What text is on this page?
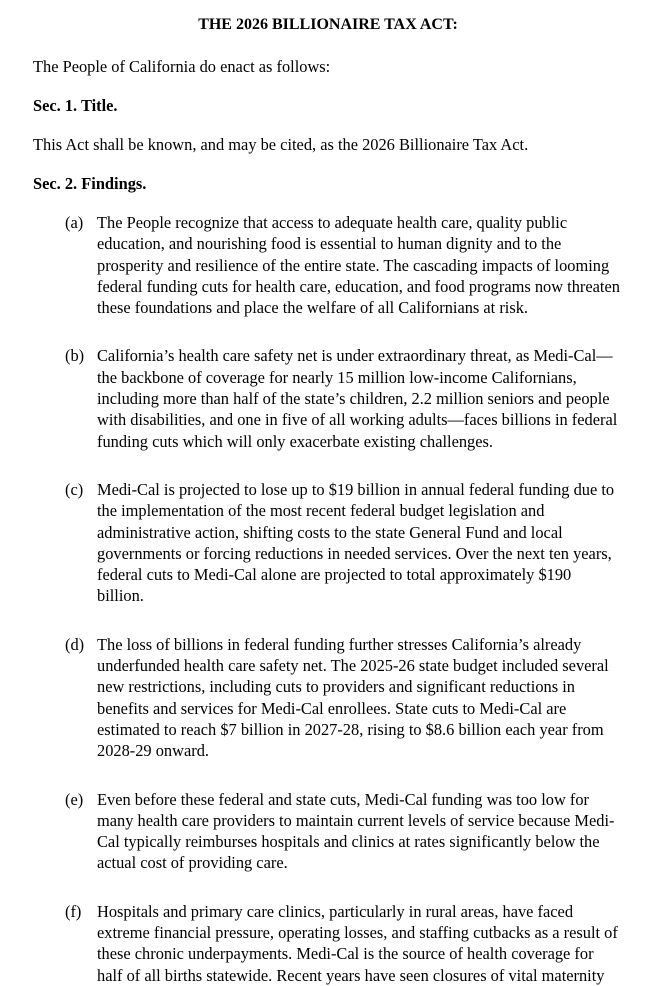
THE 2026 BILLIONAIRE TAX ACT:
The People of California do enact as follows:
Sec. 1. Title.
This Act shall be known, and may be cited, as the 2026 Billionaire Tax Act.
Sec. 2. Findings.
(a) The People recognize that access to adequate health care, quality public
education, and nourishing food is essential to human dignity and to the
prosperity and resilience of the entire state. The cascading impacts of looming
federal funding cuts for health care, education, and food programs now threaten
these foundations and place the welfare of all Californians at risk.
(b) California’s health care safety net is under extraordinary threat, as Medi-Cal—
the backbone of coverage for nearly 15 million low-income Californians,
including more than half of the state’s children, 2.2 million seniors and people
with disabilities, and one in five of all working adults—faces billions in federal
funding cuts which will only exacerbate existing challenges.
(c) Medi-Cal is projected to lose up to $19 billion in annual federal funding due to
the implementation of the most recent federal budget legislation and
administrative action, shifting costs to the state General Fund and local
governments or forcing reductions in needed services. Over the next ten years,
federal cuts to Medi-Cal alone are projected to total approximately $190
billion.
(d) The loss of billions in federal funding further stresses California’s already
underfunded health care safety net. The 2025-26 state budget included several
new restrictions, including cuts to providers and significant reductions in
benefits and services for Medi-Cal enrollees. State cuts to Medi-Cal are
estimated to reach $7 billion in 2027-28, rising to $8.6 billion each year from
2028-29 onward.
(e) Even before these federal and state cuts, Medi-Cal funding was too low for
many health care providers to maintain current levels of service because Medi-
Cal typically reimburses hospitals and clinics at rates significantly below the
actual cost of providing care.
(f) Hospitals and primary care clinics, particularly in rural areas, have faced
extreme financial pressure, operating losses, and staffing cutbacks as a result of
these chronic underpayments. Medi-Cal is the source of health coverage for
half of all births statewide. Recent years have seen closures of vital maternity
